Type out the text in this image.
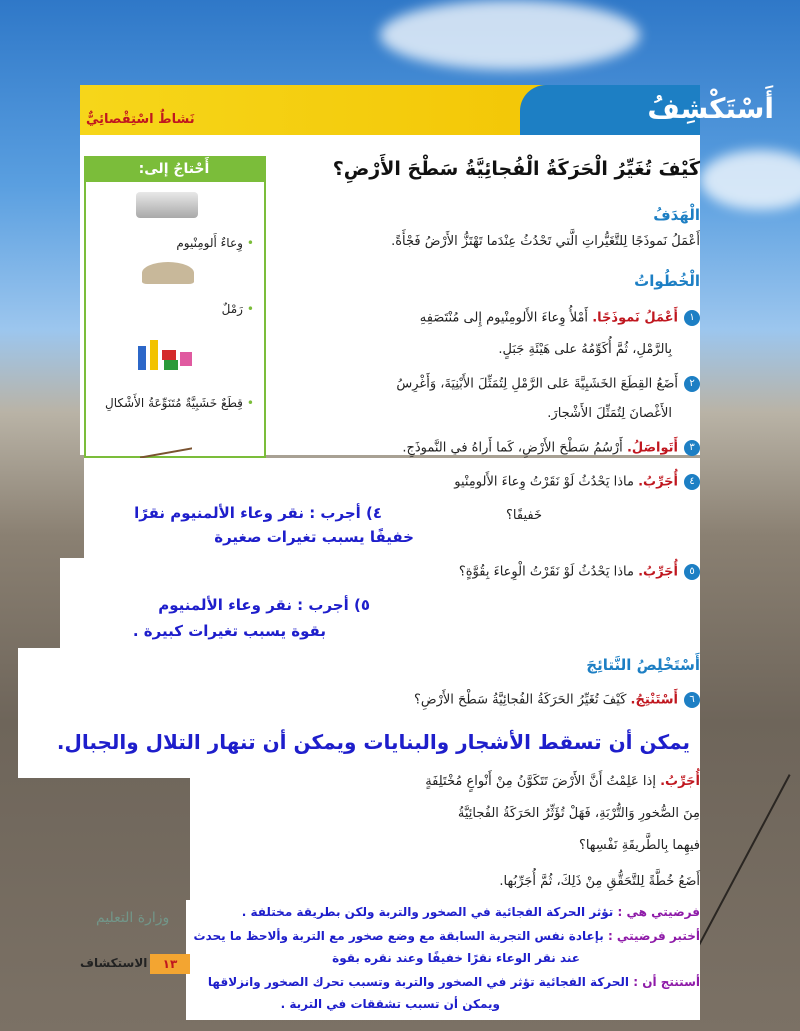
أَسْتَكْشِفُ
نَشاطٌ اسْتِقْصائِيٌّ
أَحْتاجُ إلى:
• وِعاءٌ أَلومِنْيوم
• رَمْلٌ
• قِطَعٌ خَشَبِيَّةٌ مُتَنَوِّعَةُ الأَشْكالِ
كَيْفَ تُغَيِّرُ الْحَرَكَةُ الْفُجائِيَّةُ سَطْحَ الأَرْضِ؟
الْهَدَفُ
أَعْمَلُ نَموذَجًا لِلتَّغَيُّراتِ الَّتي تَحْدُثُ عِنْدَما تَهْتَزُّ الأَرْضُ فَجْأَةً.
الْخُطُواتُ
١أَعْمَلُ نَموذَجًا. أَمْلأُ وِعاءَ الأَلومِنْيوم إِلى مُنْتَصَفِهِ
بِالرَّمْلِ، ثُمَّ أُكَوِّمُهُ على هَيْئَةِ جَبَلٍ.
٢أَضَعُ القِطَعَ الخَشَبِيَّةَ عَلى الرَّمْلِ لِتُمَثِّلَ الأَبْنِيَةَ، وَأَغْرِسُ
الأَغْصانَ لِتُمَثِّلَ الأَشْجارَ.
٣أَتَواصَلُ. أَرْسُمُ سَطْحَ الأَرْضِ، كَما أَراهُ في النَّموذَجِ.
٤أُجَرِّبُ. ماذا يَحْدُثُ لَوْ نَقَرْتُ وِعاءَ الأَلومِنْيو
خَفيفًا؟
٤) أجرب : نقر وعاء الألمنيوم نقرًا
خفيفًا يسبب تغيرات صغيرة
٥أُجَرِّبُ. ماذا يَحْدُثُ لَوْ نَقَرْتُ الْوِعاءَ بِقُوَّةٍ؟
٥) أجرب : نقر وعاء الألمنيوم
بقوة يسبب تغيرات كبيرة .
أَسْتَخْلِصُ النَّتائِجَ
٦أَسْتَنْتِجُ. كَيْفَ تُغَيِّرُ الحَرَكَةُ الفُجائِيَّةُ سَطْحَ الأَرْضِ؟
يمكن أن تسقط الأشجار والبنايات ويمكن أن تنهار التلال والجبال.
أُجَرِّبُ. إذا عَلِمْتُ أَنَّ الأَرْضَ تَتَكَوَّنُ مِنْ أَنْواعٍ مُخْتَلِفَةٍ
مِنَ الصُّخورِ وَالتُّرْبَةِ، فَهَلْ تُؤَثِّرُ الحَرَكَةُ الفُجائِيَّةُ
فيهِما بِالطَّريقَةِ نَفْسِها؟
أَضَعُ خُطَّةً لِلتَّحَقُّقِ مِنْ ذَلِكَ، ثُمَّ أُجَرِّبُها.
وزارة التعليم	فرضيتي هي : تؤثر الحركة الفجائية في الصخور والتربة ولكن بطريقة مختلفة .
أختبر فرضيتي : بإعادة نفس التجربة السابقة مع وضع صخور مع التربة وألاحظ ما يحدث
عند نقر الوعاء نقرًا خفيفًا وعند نقره بقوة
أستنتج أن : الحركة الفجائية تؤثر في الصخور والتربة وتسبب تحرك الصخور وانزلاقها
ويمكن أن تسبب تشققات في التربة .
١٣
الاستكشاف
